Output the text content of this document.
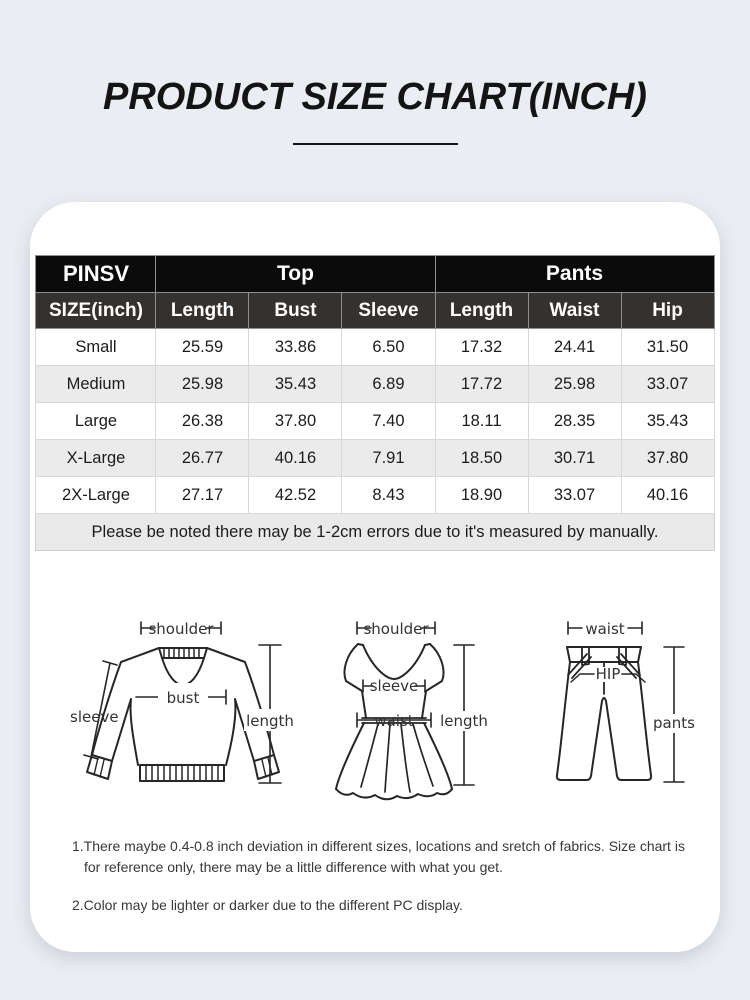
PRODUCT SIZE CHART(INCH)
PINSV	Top			Pants		
SIZE(inch)	Length	Bust	Sleeve	Length	Waist	Hip
Small	25.59	33.86	6.50	17.32	24.41	31.50
Medium	25.98	35.43	6.89	17.72	25.98	33.07
Large	26.38	37.80	7.40	18.11	28.35	35.43
X-Large	26.77	40.16	7.91	18.50	30.71	37.80
2X-Large	27.17	42.52	8.43	18.90	33.07	40.16
Please be noted there may be 1-2cm errors due to it's measured by manually.						
shoulder
bust
sleeve	length
shoulder
sleeve
waist length
waist
HIP
pants
1.There maybe 0.4-0.8 inch deviation in different sizes, locations and sretch of fabrics. Size chart is for reference only, there may be a little difference with what you get.
2.Color may be lighter or darker due to the different PC display.
